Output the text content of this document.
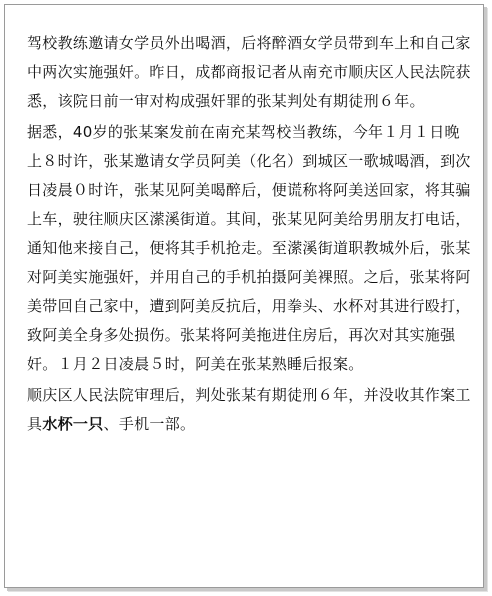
驾校教练邀请女学员外出喝酒，后将醉酒女学员带到车上和自己家中两次实施强奸。昨日，成都商报记者从南充市顺庆区人民法院获悉，该院日前一审对构成强奸罪的张某判处有期徒刑６年。

据悉，40岁的张某案发前在南充某驾校当教练，今年１月１日晚上８时许，张某邀请女学员阿美（化名）到城区一歌城喝酒，到次日凌晨０时许，张某见阿美喝醉后，便谎称将阿美送回家，将其骗上车，驶往顺庆区潆溪街道。其间，张某见阿美给男朋友打电话，通知他来接自己，便将其手机抢走。至潆溪街道职教城外后，张某对阿美实施强奸，并用自己的手机拍摄阿美裸照。之后，张某将阿美带回自己家中，遭到阿美反抗后，用拳头、水杯对其进行殴打，致阿美全身多处损伤。张某将阿美拖进住房后，再次对其实施强奸。１月２日凌晨５时，阿美在张某熟睡后报案。

顺庆区人民法院审理后，判处张某有期徒刑６年，并没收其作案工具水杯一只、手机一部。
